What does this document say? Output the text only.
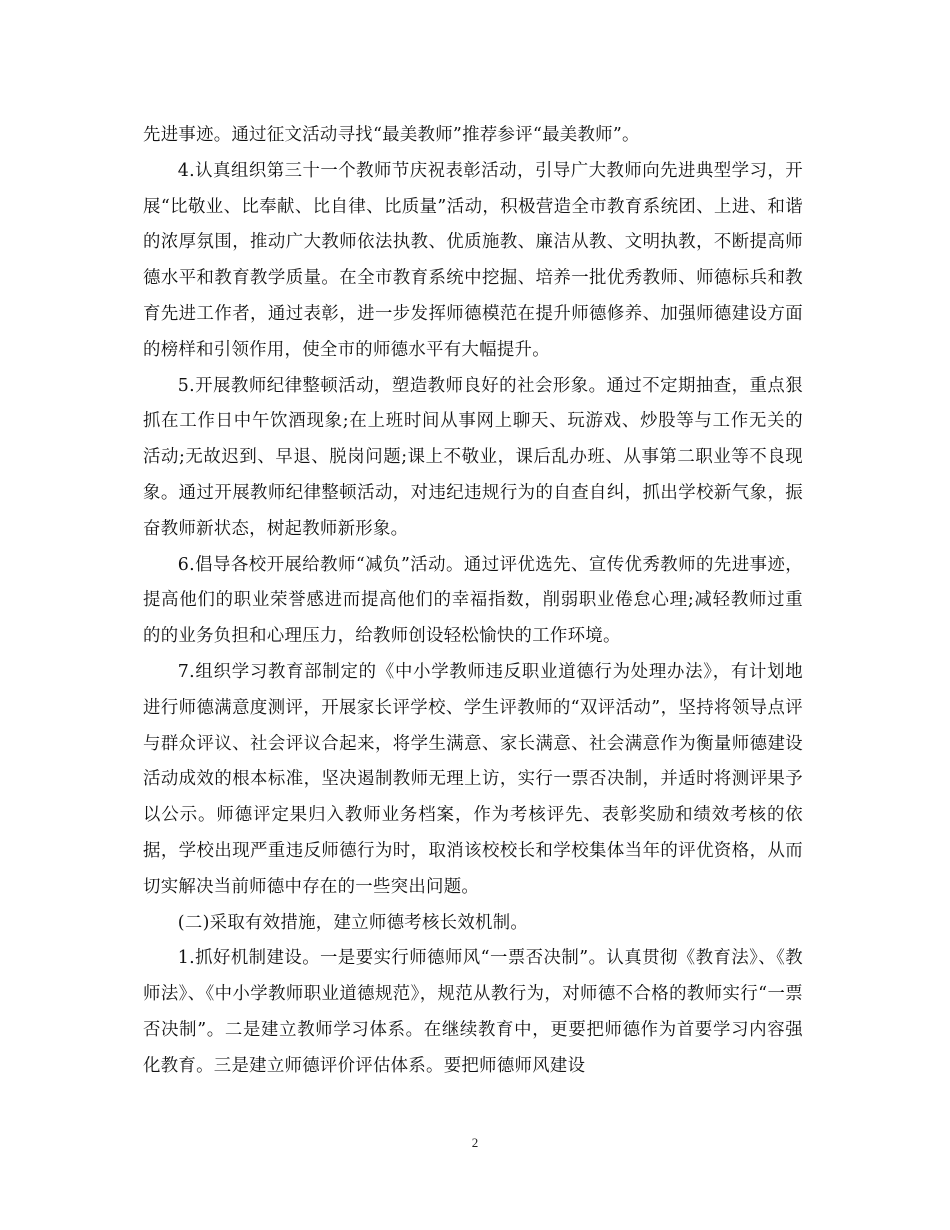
先进事迹。通过征文活动寻找“最美教师”推荐参评“最美教师”。

4.认真组织第三十一个教师节庆祝表彰活动，引导广大教师向先进典型学习，开展“比敬业、比奉献、比自律、比质量”活动，积极营造全市教育系统团、上进、和谐的浓厚氛围，推动广大教师依法执教、优质施教、廉洁从教、文明执教，不断提高师德水平和教育教学质量。在全市教育系统中挖掘、培养一批优秀教师、师德标兵和教育先进工作者，通过表彰，进一步发挥师德模范在提升师德修养、加强师德建设方面的榜样和引领作用，使全市的师德水平有大幅提升。

5.开展教师纪律整顿活动，塑造教师良好的社会形象。通过不定期抽查，重点狠抓在工作日中午饮酒现象;在上班时间从事网上聊天、玩游戏、炒股等与工作无关的活动;无故迟到、早退、脱岗问题;课上不敬业，课后乱办班、从事第二职业等不良现象。通过开展教师纪律整顿活动，对违纪违规行为的自查自纠，抓出学校新气象，振奋教师新状态，树起教师新形象。

6.倡导各校开展给教师“减负”活动。通过评优选先、宣传优秀教师的先进事迹，提高他们的职业荣誉感进而提高他们的幸福指数，削弱职业倦怠心理;减轻教师过重的的业务负担和心理压力，给教师创设轻松愉快的工作环境。

7.组织学习教育部制定的《中小学教师违反职业道德行为处理办法》，有计划地进行师德满意度测评，开展家长评学校、学生评教师的“双评活动”，坚持将领导点评与群众评议、社会评议合起来，将学生满意、家长满意、社会满意作为衡量师德建设活动成效的根本标准，坚决遏制教师无理上访，实行一票否决制，并适时将测评果予以公示。师德评定果归入教师业务档案，作为考核评先、表彰奖励和绩效考核的依据，学校出现严重违反师德行为时，取消该校校长和学校集体当年的评优资格，从而切实解决当前师德中存在的一些突出问题。

(二)采取有效措施，建立师德考核长效机制。

1.抓好机制建设。一是要实行师德师风“一票否决制”。认真贯彻《教育法》、《教师法》、《中小学教师职业道德规范》，规范从教行为，对师德不合格的教师实行“一票否决制”。二是建立教师学习体系。在继续教育中，更要把师德作为首要学习内容强化教育。三是建立师德评价评估体系。要把师德师风建设

2
